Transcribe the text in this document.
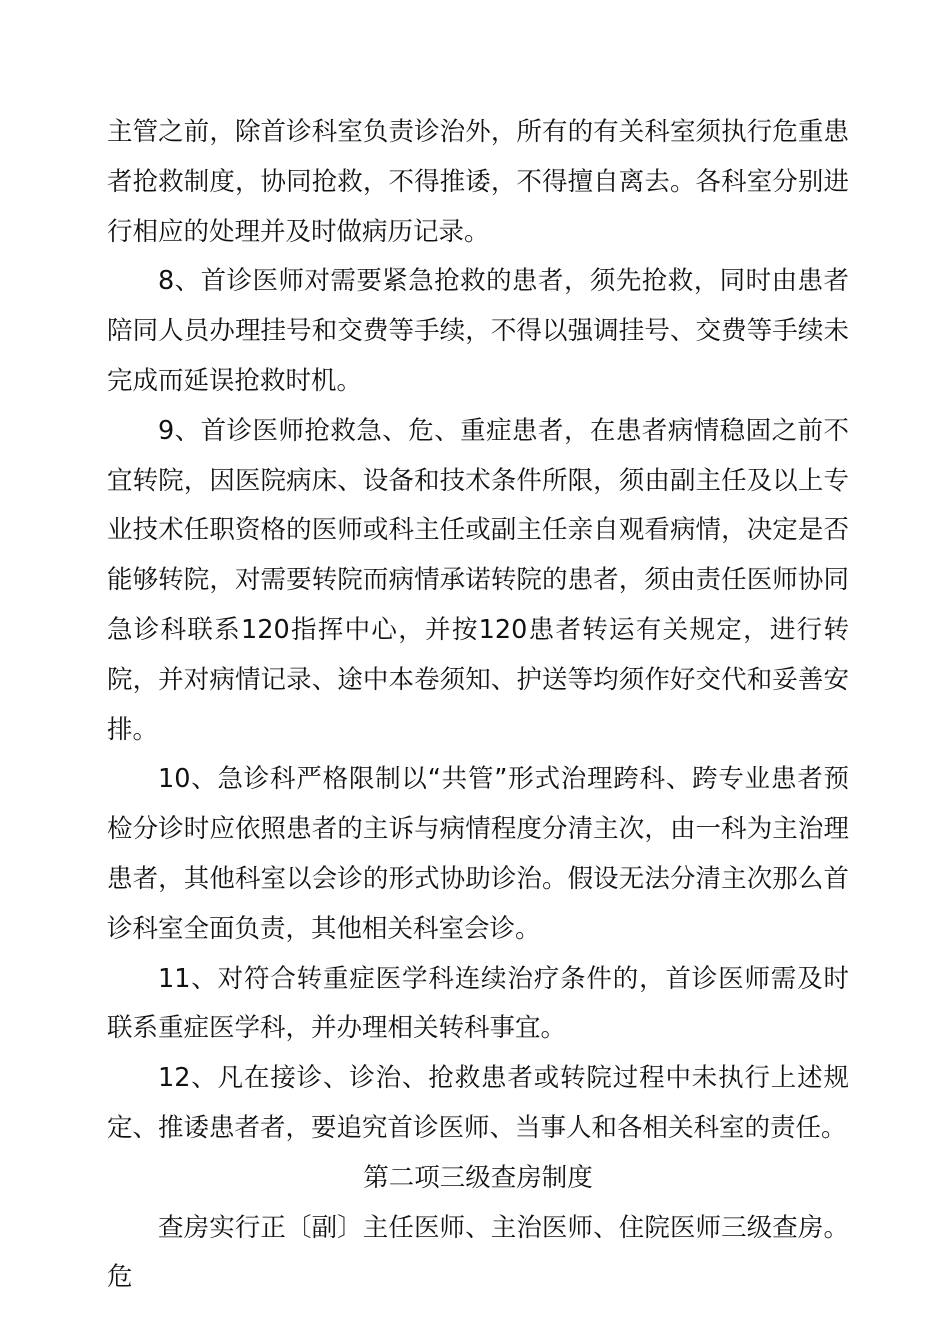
主管之前，除首诊科室负责诊治外，所有的有关科室须执行危重患者抢救制度，协同抢救，不得推诿，不得擅自离去。各科室分别进行相应的处理并及时做病历记录。

8、首诊医师对需要紧急抢救的患者，须先抢救，同时由患者陪同人员办理挂号和交费等手续，不得以强调挂号、交费等手续未完成而延误抢救时机。

9、首诊医师抢救急、危、重症患者，在患者病情稳固之前不宜转院，因医院病床、设备和技术条件所限，须由副主任及以上专业技术任职资格的医师或科主任或副主任亲自观看病情，决定是否能够转院，对需要转院而病情承诺转院的患者，须由责任医师协同急诊科联系120指挥中心，并按120患者转运有关规定，进行转院，并对病情记录、途中本卷须知、护送等均须作好交代和妥善安排。

10、急诊科严格限制以“共管”形式治理跨科、跨专业患者预检分诊时应依照患者的主诉与病情程度分清主次，由一科为主治理患者，其他科室以会诊的形式协助诊治。假设无法分清主次那么首诊科室全面负责，其他相关科室会诊。

11、对符合转重症医学科连续治疗条件的，首诊医师需及时联系重症医学科，并办理相关转科事宜。

12、凡在接诊、诊治、抢救患者或转院过程中未执行上述规定、推诿患者者，要追究首诊医师、当事人和各相关科室的责任。

第二项三级查房制度

查房实行正〔副〕主任医师、主治医师、住院医师三级查房。危
